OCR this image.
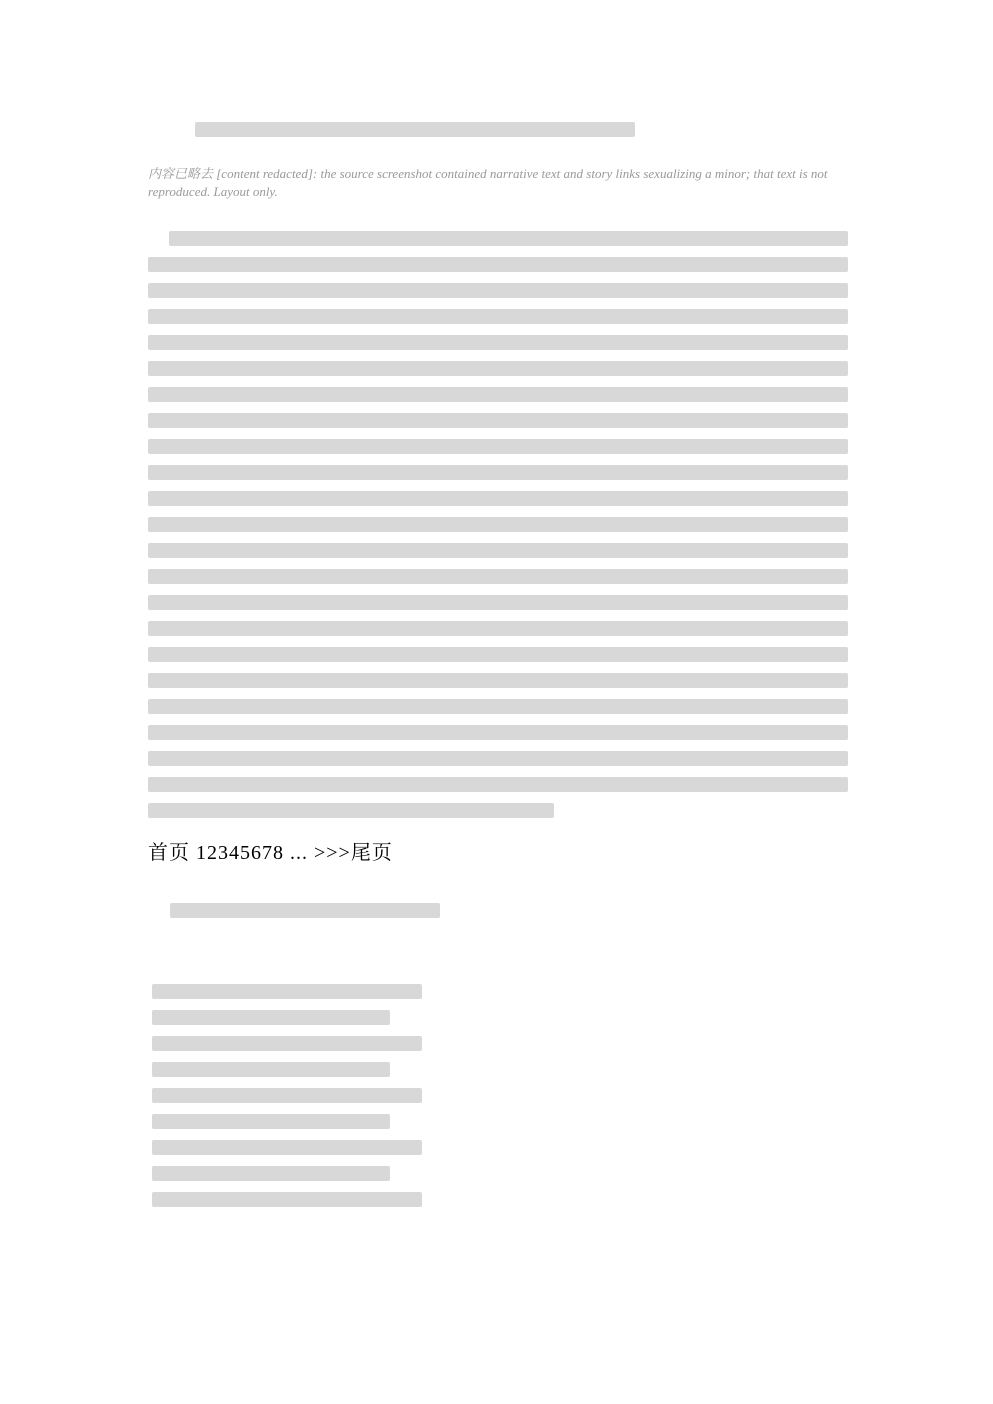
内容已略去 [content redacted]: the source screenshot contained narrative text and story links sexualizing a minor; that text is not reproduced. Layout only.
首页 12345678 ... >>>尾页
